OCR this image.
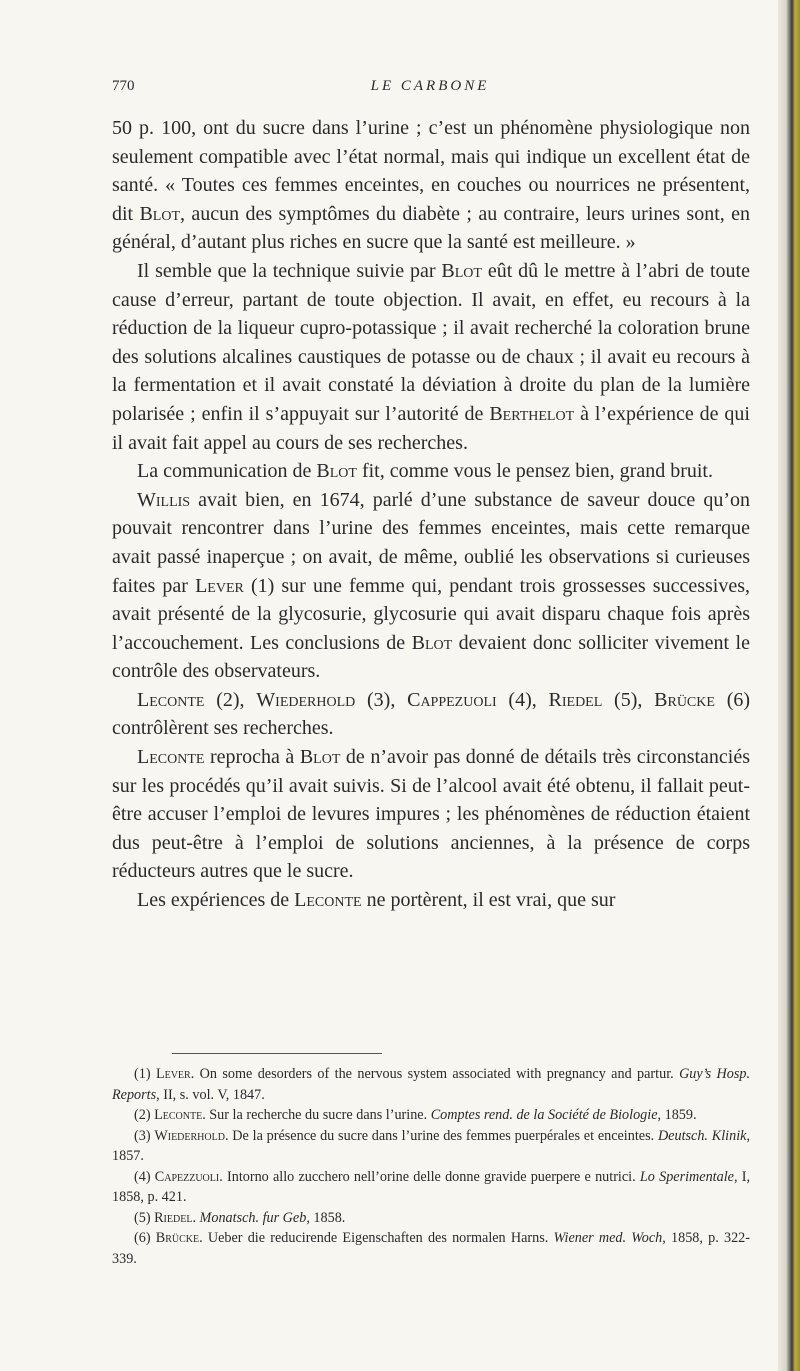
770	LE CARBONE

50 p. 100, ont du sucre dans l’urine ; c’est un phénomène physiologique non seulement compatible avec l’état normal, mais qui indique un excellent état de santé. « Toutes ces femmes enceintes, en couches ou nourrices ne présentent, dit Blot, aucun des symptômes du diabète ; au contraire, leurs urines sont, en général, d’autant plus riches en sucre que la santé est meilleure. »

Il semble que la technique suivie par Blot eût dû le mettre à l’abri de toute cause d’erreur, partant de toute objection. Il avait, en effet, eu recours à la réduction de la liqueur cupro-potassique ; il avait recherché la coloration brune des solutions alcalines caustiques de potasse ou de chaux ; il avait eu recours à la fermentation et il avait constaté la déviation à droite du plan de la lumière polarisée ; enfin il s’appuyait sur l’autorité de Berthelot à l’expérience de qui il avait fait appel au cours de ses recherches.

La communication de Blot fit, comme vous le pensez bien, grand bruit.

Willis avait bien, en 1674, parlé d’une substance de saveur douce qu’on pouvait rencontrer dans l’urine des femmes enceintes, mais cette remarque avait passé inaperçue ; on avait, de même, oublié les observations si curieuses faites par Lever (1) sur une femme qui, pendant trois grossesses successives, avait présenté de la glycosurie, glycosurie qui avait disparu chaque fois après l’accouchement. Les conclusions de Blot devaient donc solliciter vivement le contrôle des observateurs.

Leconte (2), Wiederhold (3), Cappezuoli (4), Riedel (5), Brücke (6) contrôlèrent ses recherches.

Leconte reprocha à Blot de n’avoir pas donné de détails très circonstanciés sur les procédés qu’il avait suivis. Si de l’alcool avait été obtenu, il fallait peut-être accuser l’emploi de levures impures ; les phénomènes de réduction étaient dus peut-être à l’emploi de solutions anciennes, à la présence de corps réducteurs autres que le sucre.

Les expériences de Leconte ne portèrent, il est vrai, que sur

(1) Lever. On some desorders of the nervous system associated with pregnancy and partur. Guy’s Hosp. Reports, II, s. vol. V, 1847.

(2) Leconte. Sur la recherche du sucre dans l’urine. Comptes rend. de la Société de Biologie, 1859.

(3) Wiederhold. De la présence du sucre dans l’urine des femmes puerpérales et enceintes. Deutsch. Klinik, 1857.

(4) Capezzuoli. Intorno allo zucchero nell’orine delle donne gravide puerpere e nutrici. Lo Sperimentale, I, 1858, p. 421.

(5) Riedel. Monatsch. fur Geb, 1858.

(6) Brücke. Ueber die reducirende Eigenschaften des normalen Harns. Wiener med. Woch, 1858, p. 322-339.
